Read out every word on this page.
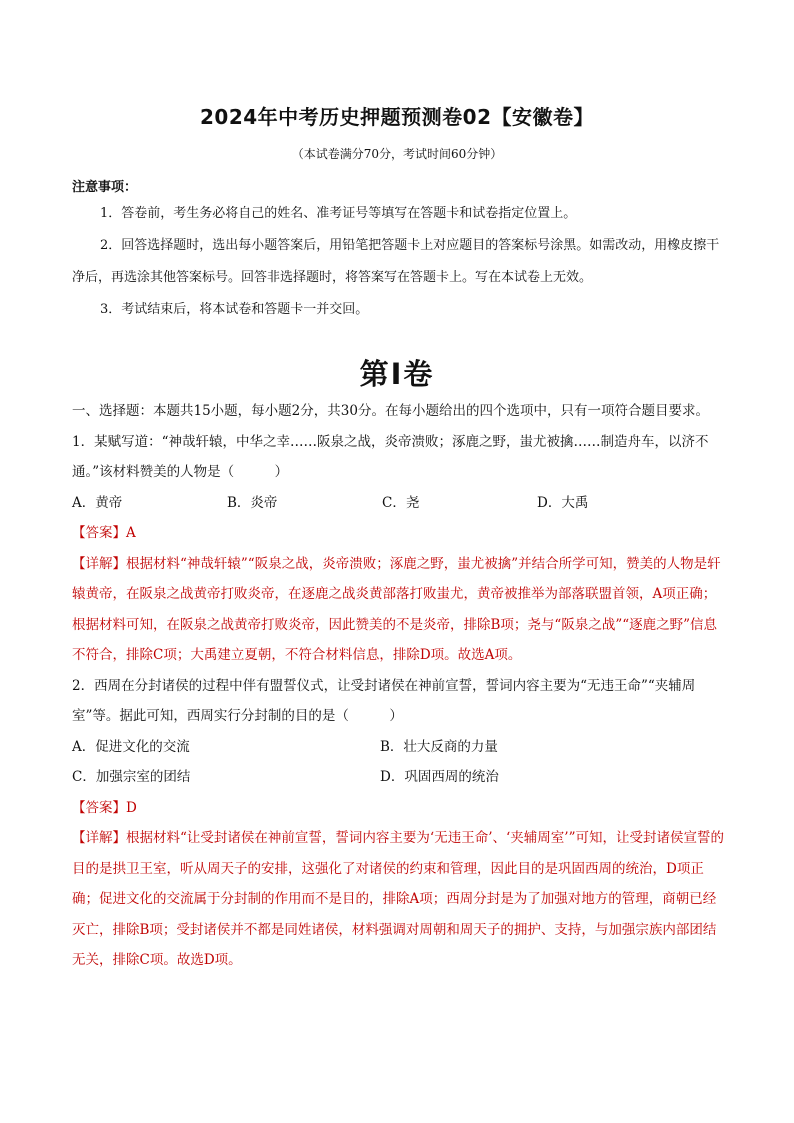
2024年中考历史押题预测卷02【安徽卷】

（本试卷满分70分，考试时间60分钟）

注意事项：

1．答卷前，考生务必将自己的姓名、准考证号等填写在答题卡和试卷指定位置上。

2．回答选择题时，选出每小题答案后，用铅笔把答题卡上对应题目的答案标号涂黑。如需改动，用橡皮擦干净后，再选涂其他答案标号。回答非选择题时，将答案写在答题卡上。写在本试卷上无效。

3．考试结束后，将本试卷和答题卡一并交回。

第Ⅰ卷

一、选择题：本题共15小题，每小题2分，共30分。在每小题给出的四个选项中，只有一项符合题目要求。

1．某赋写道：“神哉轩辕，中华之幸……阪泉之战，炎帝溃败；涿鹿之野，蚩尤被擒……制造舟车，以济不通。”该材料赞美的人物是（　　　）

A．黄帝	B．炎帝	C．尧	D．大禹

【答案】A

【详解】根据材料“神哉轩辕”“阪泉之战，炎帝溃败；涿鹿之野，蚩尤被擒”并结合所学可知，赞美的人物是轩辕黄帝，在阪泉之战黄帝打败炎帝，在逐鹿之战炎黄部落打败蚩尤，黄帝被推举为部落联盟首领，A项正确；根据材料可知，在阪泉之战黄帝打败炎帝，因此赞美的不是炎帝，排除B项；尧与“阪泉之战”“逐鹿之野”信息不符合，排除C项；大禹建立夏朝，不符合材料信息，排除D项。故选A项。

2．西周在分封诸侯的过程中伴有盟誓仪式，让受封诸侯在神前宣誓，誓词内容主要为“无违王命”“夹辅周室”等。据此可知，西周实行分封制的目的是（　　　）

A．促进文化的交流	B．壮大反商的力量
C．加强宗室的团结	D．巩固西周的统治

【答案】D

【详解】根据材料“让受封诸侯在神前宣誓，誓词内容主要为‘无违王命’、‘夹辅周室’”可知，让受封诸侯宣誓的目的是拱卫王室，听从周天子的安排，这强化了对诸侯的约束和管理，因此目的是巩固西周的统治，D项正确；促进文化的交流属于分封制的作用而不是目的，排除A项；西周分封是为了加强对地方的管理，商朝已经灭亡，排除B项；受封诸侯并不都是同姓诸侯，材料强调对周朝和周天子的拥护、支持，与加强宗族内部团结无关，排除C项。故选D项。
